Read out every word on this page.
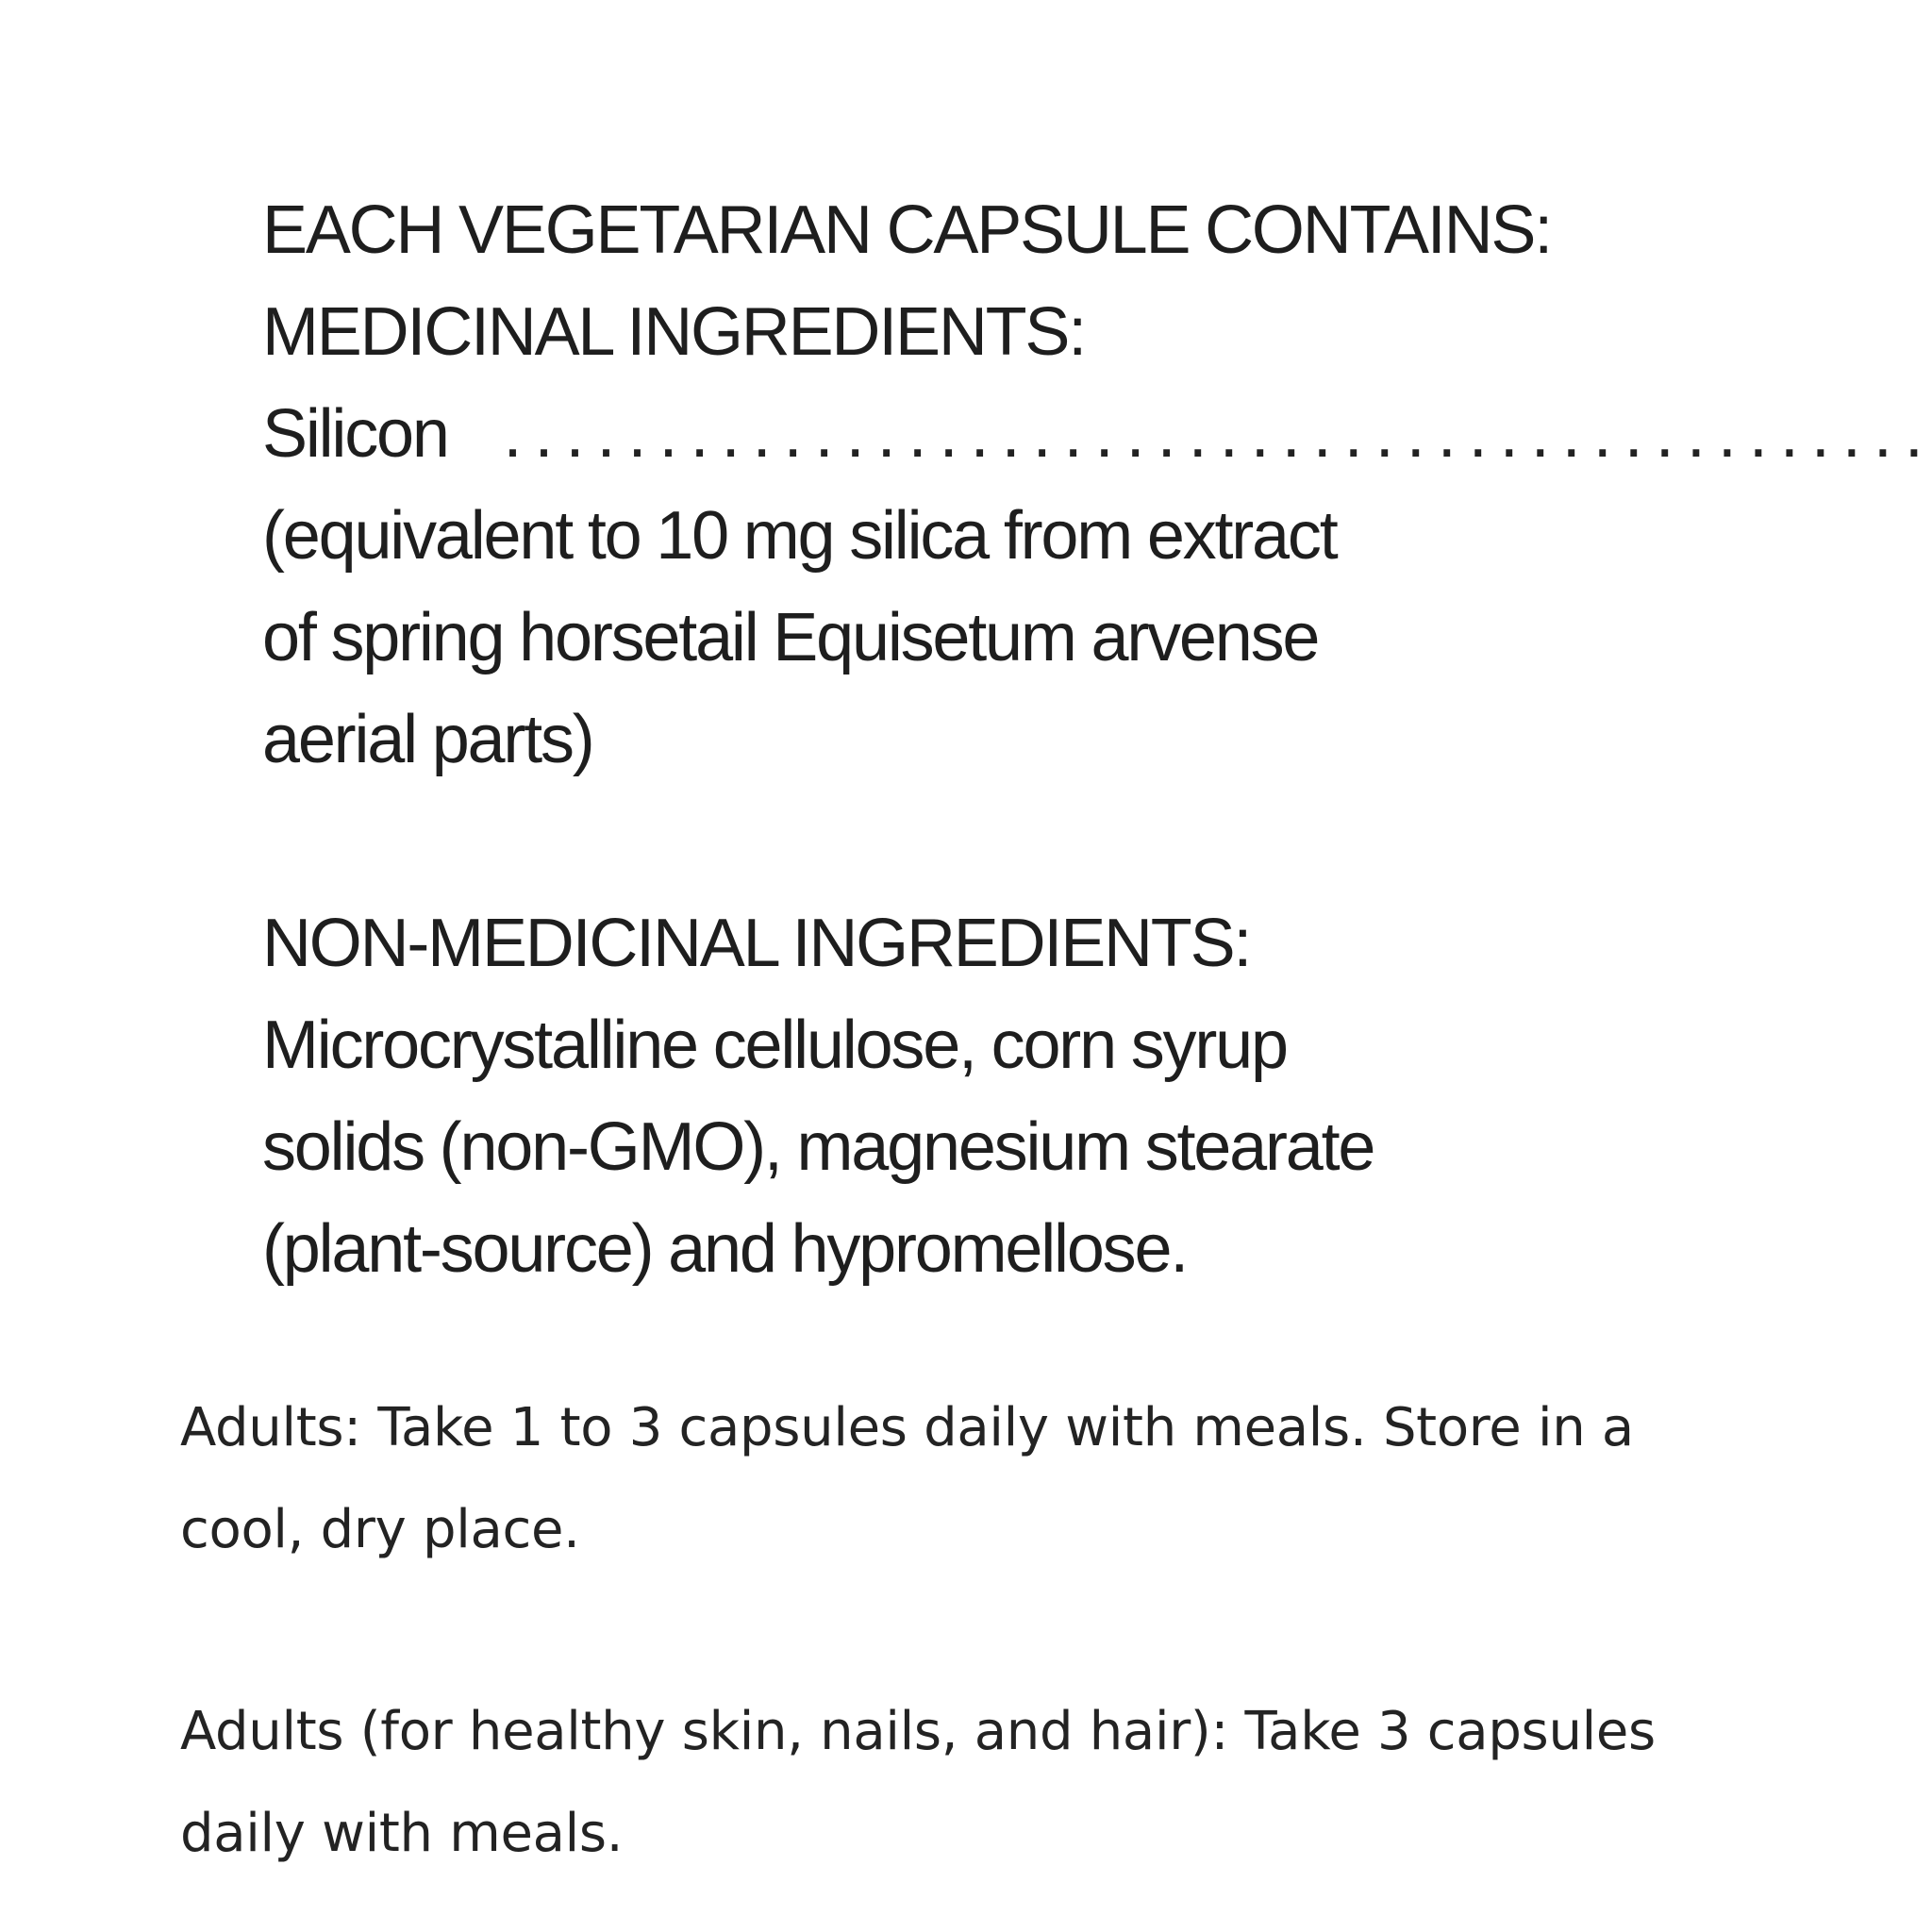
EACH VEGETARIAN CAPSULE CONTAINS:
MEDICINAL INGREDIENTS:
Silicon . . .
(equivalent to 10 mg silica from extract
of spring horsetail Equisetum arvense
aerial parts)
NON-MEDICINAL INGREDIENTS:
Microcrystalline cellulose, corn syrup
solids (non-GMO), magnesium stearate
(plant-source) and hypromellose.

Adults: Take 1 to 3 capsules daily with meals. Store in a

cool, dry place.

Adults (for healthy skin, nails, and hair): Take 3 capsules

daily with meals.
